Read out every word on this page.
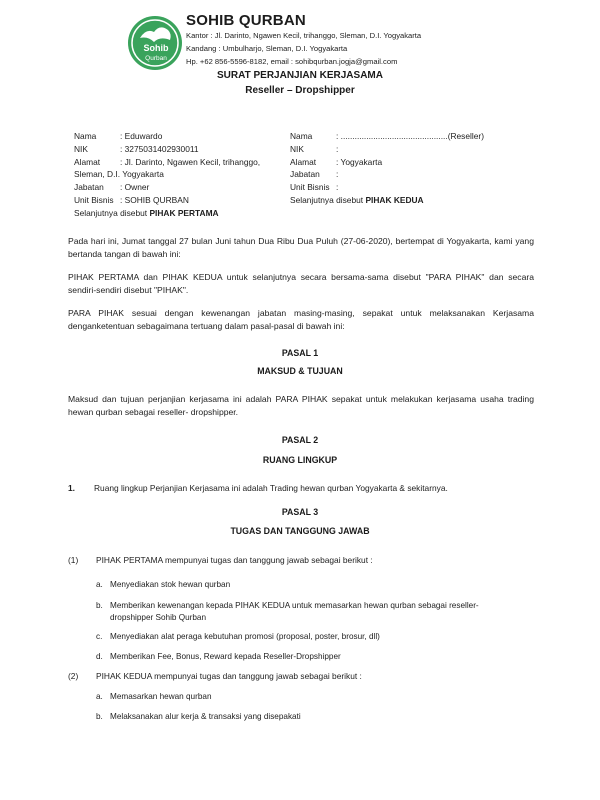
Sohib
Qurban
SOHIB QURBAN
Kantor : Jl. Darinto, Ngawen Kecil, trihanggo, Sleman, D.I. Yogyakarta
Kandang : Umbulharjo, Sleman, D.I. Yogyakarta
Hp. +62 856-5596-8182, email : sohibqurban.jogja@gmail.com
SURAT PERJANJIAN KERJASAMA
Reseller – Dropshipper
Nama	: Eduwardo
NIK	: 3275031402930011
Alamat : Jl. Darinto, Ngawen Kecil, trihanggo,
Sleman, D.I. Yogyakarta
Jabatan : Owner
Unit Bisnis : SOHIB QURBAN
Selanjutnya disebut PIHAK PERTAMA
Nama	: ..............................................(Reseller)
NIK	:
Alamat : Yogyakarta
Jabatan :
Unit Bisnis :
Selanjutnya disebut PIHAK KEDUA
Pada hari ini, Jumat tanggal 27 bulan Juni tahun Dua Ribu Dua Puluh (27-06-2020), bertempat di Yogyakarta, kami yang bertanda tangan di bawah ini:
PIHAK PERTAMA dan PIHAK KEDUA untuk selanjutnya secara bersama-sama disebut "PARA PIHAK" dan secara sendiri-sendiri disebut "PIHAK".
PARA PIHAK sesuai dengan kewenangan jabatan masing-masing, sepakat untuk melaksanakan Kerjasama denganketentuan sebagaimana tertuang dalam pasal-pasal di bawah ini:
PASAL 1
MAKSUD & TUJUAN
Maksud dan tujuan perjanjian kerjasama ini adalah PARA PIHAK sepakat untuk melakukan kerjasama usaha trading hewan qurban sebagai reseller- dropshipper.
PASAL 2
RUANG LINGKUP
1. Ruang lingkup Perjanjian Kerjasama ini adalah Trading hewan qurban Yogyakarta & sekitarnya.
PASAL 3
TUGAS DAN TANGGUNG JAWAB
(1) PIHAK PERTAMA mempunyai tugas dan tanggung jawab sebagai berikut :
a. Menyediakan stok hewan qurban
b. Memberikan kewenangan kepada PIHAK KEDUA untuk memasarkan hewan qurban sebagai reseller-
dropshipper Sohib Qurban
c. Menyediakan alat peraga kebutuhan promosi (proposal, poster, brosur, dll)
d. Memberikan Fee, Bonus, Reward kepada Reseller-Dropshipper
(2) PIHAK KEDUA mempunyai tugas dan tanggung jawab sebagai berikut :
a. Memasarkan hewan qurban
b. Melaksanakan alur kerja & transaksi yang disepakati
